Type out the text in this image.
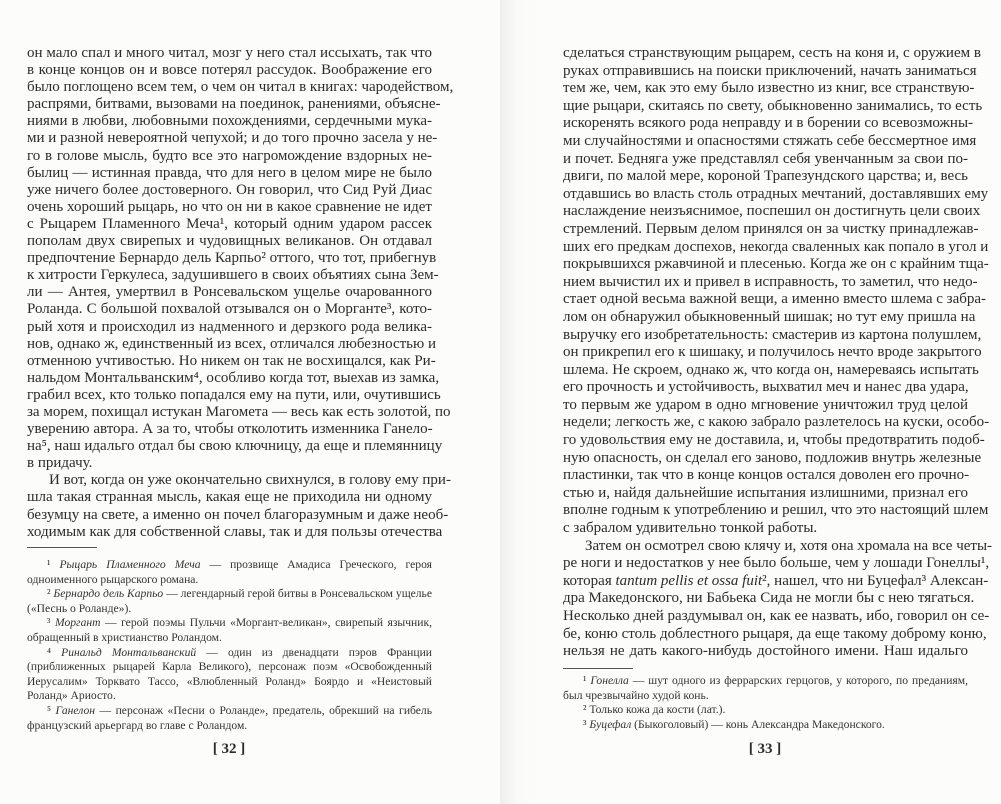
он мало спал и много читал, мозг у него стал иссыхать, так что
в конце концов он и вовсе потерял рассудок. Воображение его
было поглощено всем тем, о чем он читал в книгах: чародейством,
распрями, битвами, вызовами на поединок, ранениями, объясне-
ниями в любви, любовными похождениями, сердечными мука-
ми и разной невероятной чепухой; и до того прочно засела у не-
го в голове мысль, будто все это нагромождение вздорных не-
былиц — истинная правда, что для него в целом мире не было
уже ничего более достоверного. Он говорил, что Сид Руй Диас
очень хороший рыцарь, но что он ни в какое сравнение не идет
с Рыцарем Пламенного Меча¹, который одним ударом рассек
пополам двух свирепых и чудовищных великанов. Он отдавал
предпочтение Бернардо дель Карпьо² оттого, что тот, прибегнув
к хитрости Геркулеса, задушившего в своих объятиях сына Зем-
ли — Антея, умертвил в Ронсевальском ущелье очарованного
Роланда. С большой похвалой отзывался он о Морганте³, кото-
рый хотя и происходил из надменного и дерзкого рода велика-
нов, однако ж, единственный из всех, отличался любезностью и
отменною учтивостью. Но никем он так не восхищался, как Ри-
нальдом Монтальванским⁴, особливо когда тот, выехав из замка,
грабил всех, кто только попадался ему на пути, или, очутившись
за морем, похищал истукан Магомета — весь как есть золотой, по
уверению автора. А за то, чтобы отколотить изменника Ганело-
на⁵, наш идальго отдал бы свою ключницу, да еще и племянницу
в придачу.
И вот, когда он уже окончательно свихнулся, в голову ему при-
шла такая странная мысль, какая еще не приходила ни одному
безумцу на свете, а именно он почел благоразумным и даже необ-
ходимым как для собственной славы, так и для пользы отечества

¹ Рыцарь Пламенного Меча — прозвище Амадиса Греческого, героя одноименного рыцарского романа.

² Бернардо дель Карпьо — легендарный герой битвы в Ронсевальском ущелье («Песнь о Роланде»).

³ Моргант — герой поэмы Пульчи «Моргант-великан», свирепый язычник, обращенный в христианство Роландом.

⁴ Ринальд Монтальванский — один из двенадцати пэров Франции (приближенных рыцарей Карла Великого), персонаж поэм «Освобожденный Иерусалим» Торквато Тассо, «Влюбленный Роланд» Боярдо и «Неистовый Роланд» Ариосто.

⁵ Ганелон — персонаж «Песни о Роланде», предатель, обрекший на гибель французский арьергард во главе с Роландом.

[ 32 ]
сделаться странствующим рыцарем, сесть на коня и, с оружием в
руках отправившись на поиски приключений, начать заниматься
тем же, чем, как это ему было известно из книг, все странствую-
щие рыцари, скитаясь по свету, обыкновенно занимались, то есть
искоренять всякого рода неправду и в борении со всевозможны-
ми случайностями и опасностями стяжать себе бессмертное имя
и почет. Бедняга уже представлял себя увенчанным за свои по-
двиги, по малой мере, короной Трапезундского царства; и, весь
отдавшись во власть столь отрадных мечтаний, доставлявших ему
наслаждение неизъяснимое, поспешил он достигнуть цели своих
стремлений. Первым делом принялся он за чистку принадлежав-
ших его предкам доспехов, некогда сваленных как попало в угол и
покрывшихся ржавчиной и плесенью. Когда же он с крайним тща-
нием вычистил их и привел в исправность, то заметил, что недо-
стает одной весьма важной вещи, а именно вместо шлема с забра-
лом он обнаружил обыкновенный шишак; но тут ему пришла на
выручку его изобретательность: смастерив из картона полушлем,
он прикрепил его к шишаку, и получилось нечто вроде закрытого
шлема. Не скроем, однако ж, что когда он, намереваясь испытать
его прочность и устойчивость, выхватил меч и нанес два удара,
то первым же ударом в одно мгновение уничтожил труд целой
недели; легкость же, с какою забрало разлетелось на куски, особо-
го удовольствия ему не доставила, и, чтобы предотвратить подоб-
ную опасность, он сделал его заново, подложив внутрь железные
пластинки, так что в конце концов остался доволен его прочно-
стью и, найдя дальнейшие испытания излишними, признал его
вполне годным к употреблению и решил, что это настоящий шлем
с забралом удивительно тонкой работы.
Затем он осмотрел свою клячу и, хотя она хромала на все четы-
ре ноги и недостатков у нее было больше, чем у лошади Гонеллы¹,
которая tantum pellis et ossa fuit², нашел, что ни Буцефал³ Алексан-
дра Македонского, ни Бабьека Сида не могли бы с нею тягаться.
Несколько дней раздумывал он, как ее назвать, ибо, говорил он се-
бе, коню столь доблестного рыцаря, да еще такому доброму коню,
нельзя не дать какого-нибудь достойного имени. Наш идальго

¹ Гонелла — шут одного из феррарских герцогов, у которого, по преданиям, был чрезвычайно худой конь.

² Только кожа да кости (лат.).

³ Буцефал (Быкоголовый) — конь Александра Македонского.

[ 33 ]
